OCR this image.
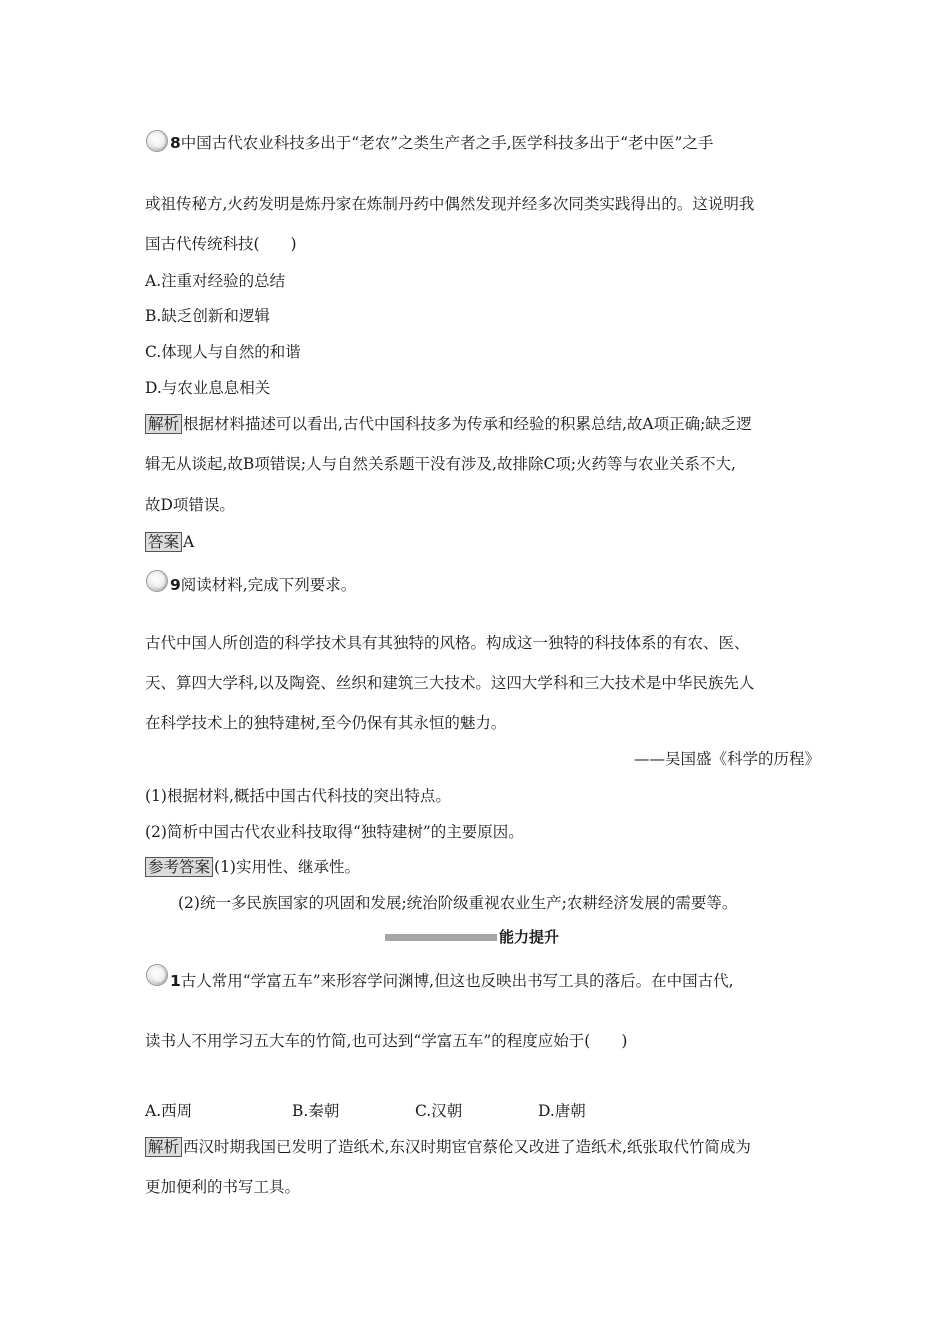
8中国古代农业科技多出于“老农”之类生产者之手,医学科技多出于“老中医”之手
或祖传秘方,火药发明是炼丹家在炼制丹药中偶然发现并经多次同类实践得出的。这说明我
国古代传统科技(　　)
A.注重对经验的总结
B.缺乏创新和逻辑
C.体现人与自然的和谐
D.与农业息息相关
解析 根据材料描述可以看出,古代中国科技多为传承和经验的积累总结,故A项正确;缺乏逻
辑无从谈起,故B项错误;人与自然关系题干没有涉及,故排除C项;火药等与农业关系不大,
故D项错误。
答案 A
9阅读材料,完成下列要求。
古代中国人所创造的科学技术具有其独特的风格。构成这一独特的科技体系的有农、医、
天、算四大学科,以及陶瓷、丝织和建筑三大技术。这四大学科和三大技术是中华民族先人
在科学技术上的独特建树,至今仍保有其永恒的魅力。
——吴国盛《科学的历程》
(1)根据材料,概括中国古代科技的突出特点。
(2)简析中国古代农业科技取得“独特建树”的主要原因。
参考答案 (1)实用性、继承性。
(2)统一多民族国家的巩固和发展;统治阶级重视农业生产;农耕经济发展的需要等。
能力提升
1古人常用“学富五车”来形容学问渊博,但这也反映出书写工具的落后。在中国古代,
读书人不用学习五大车的竹简,也可达到“学富五车”的程度应始于(　　)
A.西周	B.秦朝	C.汉朝	D.唐朝
解析 西汉时期我国已发明了造纸术,东汉时期宦官蔡伦又改进了造纸术,纸张取代竹简成为
更加便利的书写工具。
